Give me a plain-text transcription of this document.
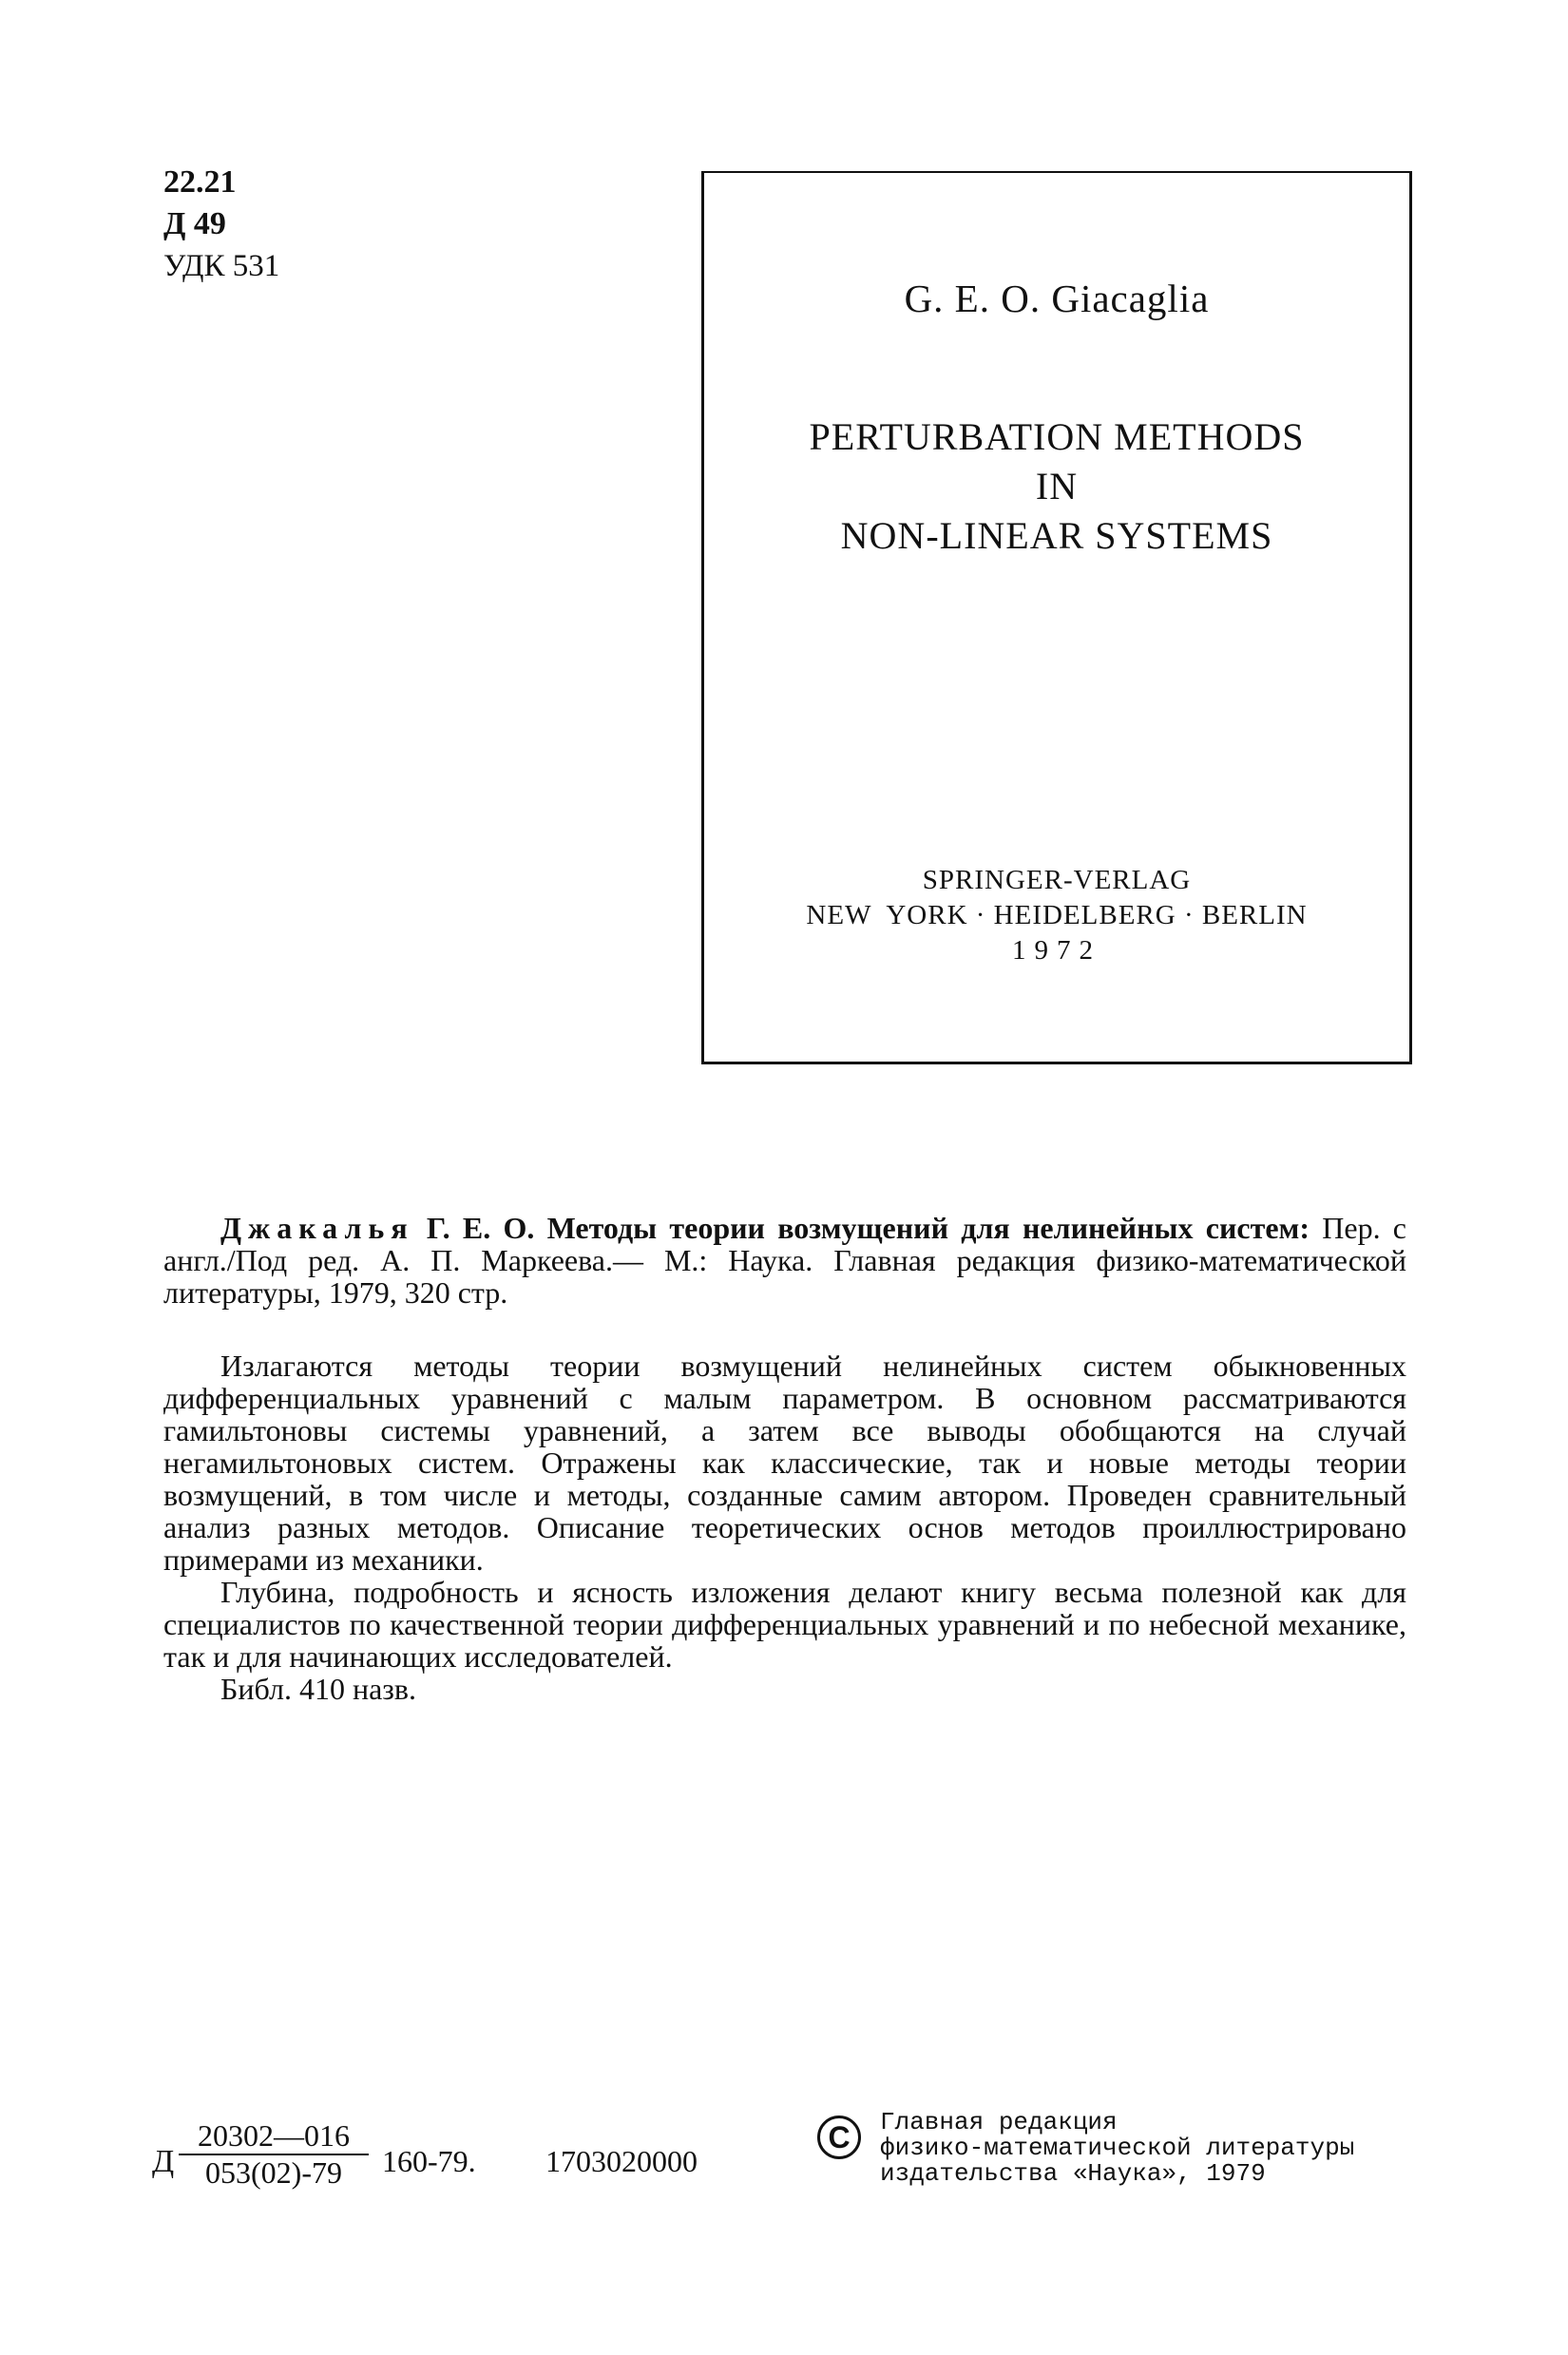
22.21
Д 49
УДК 531
G. E. O. Giacaglia
PERTURBATION METHODS
IN
NON-LINEAR SYSTEMS
SPRINGER-VERLAG
NEW  YORK · HEIDELBERG · BERLIN
1972

Джакалья Г. Е. О. Методы теории возмущений для нелинейных систем: Пер. с англ./Под ред. А. П. Маркеева.— М.: Наука. Главная редакция физико-математической литературы, 1979, 320 стр.

Излагаются методы теории возмущений нелинейных систем обыкновенных дифференциальных уравнений с малым параметром. В основном рассматриваются гамильтоновы системы уравнений, а затем все выводы обобщаются на случай негамильтоновых систем. Отражены как классические, так и новые методы теории возмущений, в том числе и методы, созданные самим автором. Проведен сравнительный анализ разных методов. Описание теоретических основ методов проиллюстрировано примерами из механики.

Глубина, подробность и ясность изложения делают книгу весьма полезной как для специалистов по качественной теории дифференциальных уравнений и по небесной механике, так и для начинающих исследователей.

Библ. 410 назв.

Д $\frac{20302—016}{053(02)-79} 160-79$. 1703020000
C	Главная редакция
физико-математической литературы
издательства «Наука», 1979
